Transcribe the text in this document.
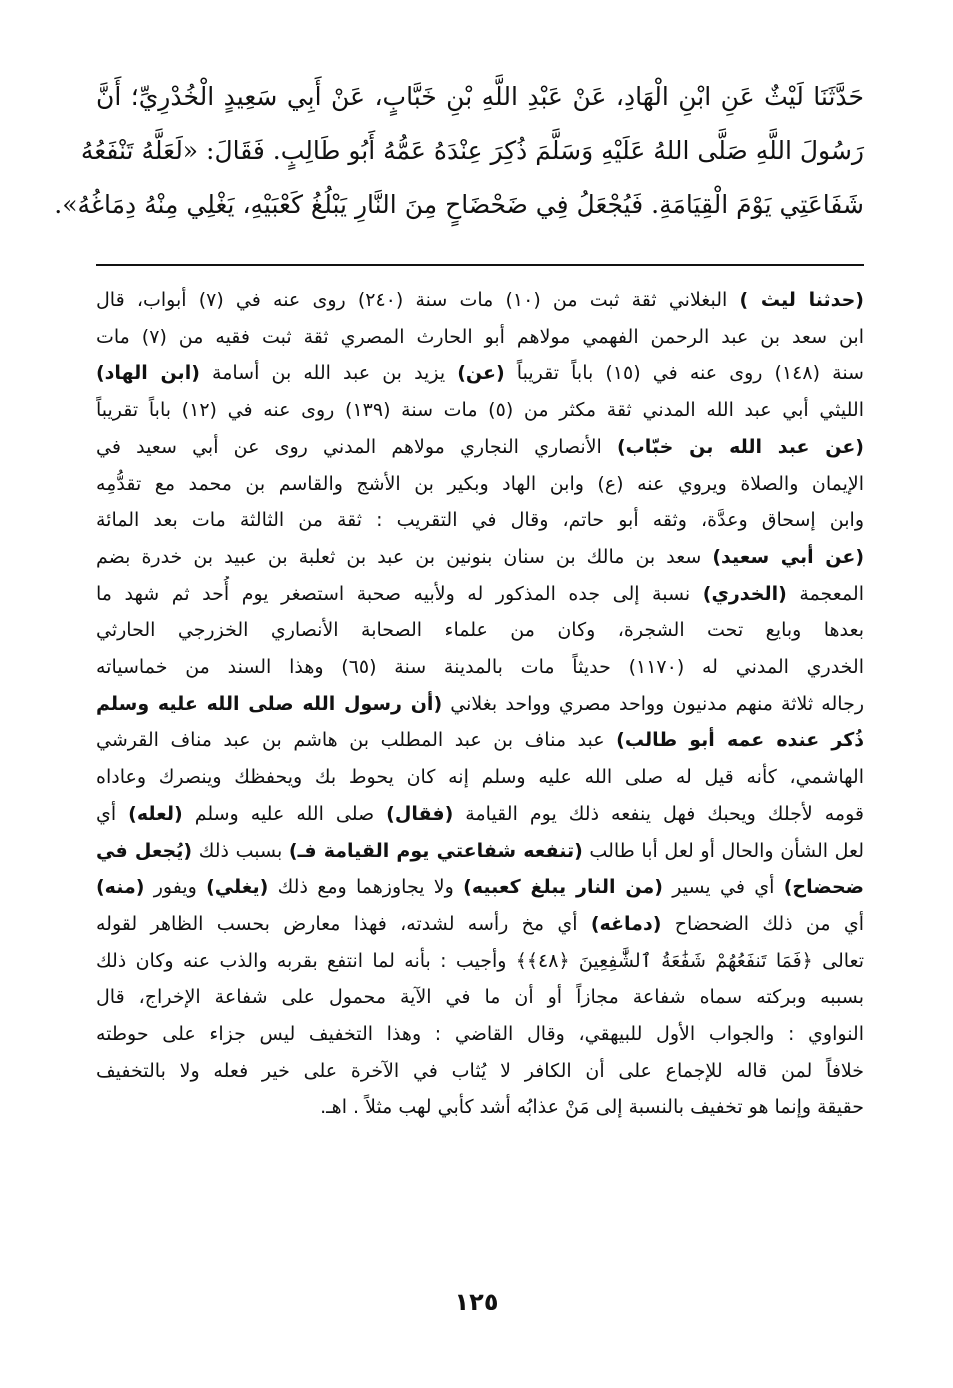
حَدَّثَنَا لَيْثٌ عَنِ ابْنِ الْهَادِ، عَنْ عَبْدِ اللَّهِ بْنِ خَبَّابٍ، عَنْ أَبِي سَعِيدٍ الْخُدْرِيِّ؛ أَنَّ
رَسُولَ اللَّهِ صَلَّى اللهُ عَلَيْهِ وَسَلَّمَ ذُكِرَ عِنْدَهُ عَمُّهُ أَبُو طَالِبٍ. فَقَالَ: «لَعَلَّهُ تَنْفَعُهُ
شَفَاعَتِي يَوْمَ الْقِيَامَةِ. فَيُجْعَلُ فِي ضَحْضَاحٍ مِنَ النَّارِ يَبْلُغُ كَعْبَيْهِ، يَغْلِي مِنْهُ دِمَاغُهُ».
(حدثنا ليث ) البغلاني ثقة ثبت من (١٠) مات سنة (٢٤٠) روى عنه في (٧) أبواب، قال
ابن سعد بن عبد الرحمن الفهمي مولاهم أبو الحارث المصري ثقة ثبت فقيه من (٧) مات
سنة (١٤٨) روى عنه في (١٥) باباً تقريباً (عن) يزيد بن عبد الله بن أسامة (ابن الهاد)
الليثي أبي عبد الله المدني ثقة مكثر من (٥) مات سنة (١٣٩) روى عنه في (١٢) باباً تقريباً
(عن عبد الله بن خبّاب) الأنصاري النجاري مولاهم المدني روى عن أبي سعيد في
الإيمان والصلاة ويروي عنه (ع) وابن الهاد وبكير بن الأشج والقاسم بن محمد مع تقدُّمِه
وابن إسحاق وعدَّة، وثقه أبو حاتم، وقال في التقريب : ثقة من الثالثة مات بعد المائة
(عن أبي سعيد) سعد بن مالك بن سنان بنونين بن عبد بن ثعلبة بن عبيد بن خدرة بضم
المعجمة (الخدري) نسبة إلى جده المذكور له ولأبيه صحبة استصغر يوم أُحد ثم شهد ما
بعدها وبايع تحت الشجرة، وكان من علماء الصحابة الأنصاري الخزرجي الحارثي
الخدري المدني له (١١٧٠) حديثاً مات بالمدينة سنة (٦٥) وهذا السند من خماسياته
رجاله ثلاثة منهم مدنيون وواحد مصري وواحد بغلاني (أن رسول الله صلى الله عليه وسلم
ذُكر عنده عمه أبو طالب) عبد مناف بن عبد المطلب بن هاشم بن عبد مناف القرشي
الهاشمي، كأنه قيل له صلى الله عليه وسلم إنه كان يحوط بك ويحفظك وينصرك وعاداه
قومه لأجلك ويحبك فهل ينفعه ذلك يوم القيامة (فقال) صلى الله عليه وسلم (لعله) أي
لعل الشأن والحال أو لعل أبا طالب (تنفعه شفاعتي يوم القيامة فـ) بسبب ذلك (يُجعل في
ضحضاح) أي في يسير (من النار يبلغ كعبيه) ولا يجاوزهما ومع ذلك (يغلي) ويفور (منه)
أي من ذلك الضحضاح (دماغه) أي مخ رأسه لشدته، فهذا معارض بحسب الظاهر لقوله
تعالى ﴿فَمَا تَنفَعُهُمْ شَفَٰعَةُ ٱلشَّٰفِعِينَ ﴿٤٨﴾﴾ وأجيب : بأنه لما انتفع بقربه والذب عنه وكان ذلك
بسببه وبركته سماه شفاعة مجازاً أو أن ما في الآية محمول على شفاعة الإخراج، قال
النواوي : والجواب الأول للبيهقي، وقال القاضي : وهذا التخفيف ليس جزاء على حوطته
خلافاً لمن قاله للإجماع على أن الكافر لا يُثاب في الآخرة على خير فعله ولا بالتخفيف
حقيقة وإنما هو تخفيف بالنسبة إلى مَنْ عذابُه أشد كأبي لهب مثلاً . اهـ.
١٢٥
